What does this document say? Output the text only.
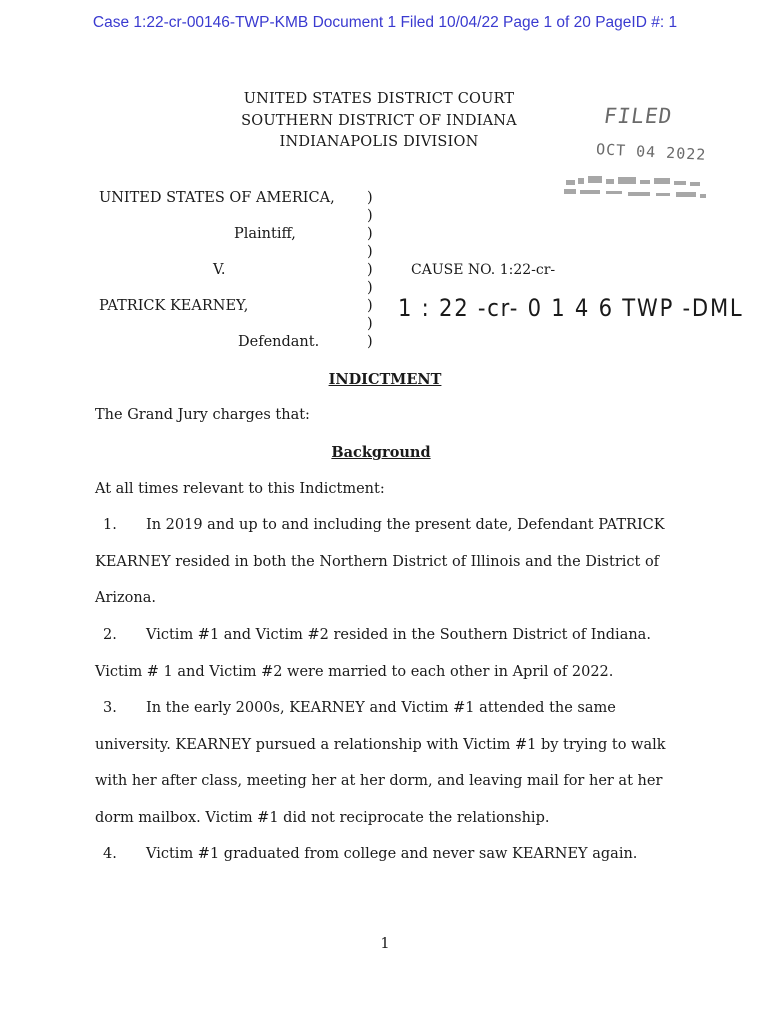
Case 1:22-cr-00146-TWP-KMB Document 1 Filed 10/04/22 Page 1 of 20 PageID #: 1
UNITED STATES DISTRICT COURT
SOUTHERN DISTRICT OF INDIANA
INDIANAPOLIS DIVISION
FILED
OCT 04 2022
UNITED STATES OF AMERICA,
Plaintiff,
V.
PATRICK KEARNEY,
Defendant.
)
)
)
)
)
)
)
)
)
CAUSE NO. 1:22-cr-
1 : 22 -cr- 0 1 4 6 TWP -DML
INDICTMENT
The Grand Jury charges that:
Background
At all times relevant to this Indictment:
1. In 2019 and up to and including the present date, Defendant PATRICK KEARNEY resided in both the Northern District of Illinois and the District of Arizona.
2. Victim #1 and Victim #2 resided in the Southern District of Indiana. Victim # 1 and Victim #2 were married to each other in April of 2022.
3. In the early 2000s, KEARNEY and Victim #1 attended the same university. KEARNEY pursued a relationship with Victim #1 by trying to walk with her after class, meeting her at her dorm, and leaving mail for her at her dorm mailbox. Victim #1 did not reciprocate the relationship.
4. Victim #1 graduated from college and never saw KEARNEY again.
1
